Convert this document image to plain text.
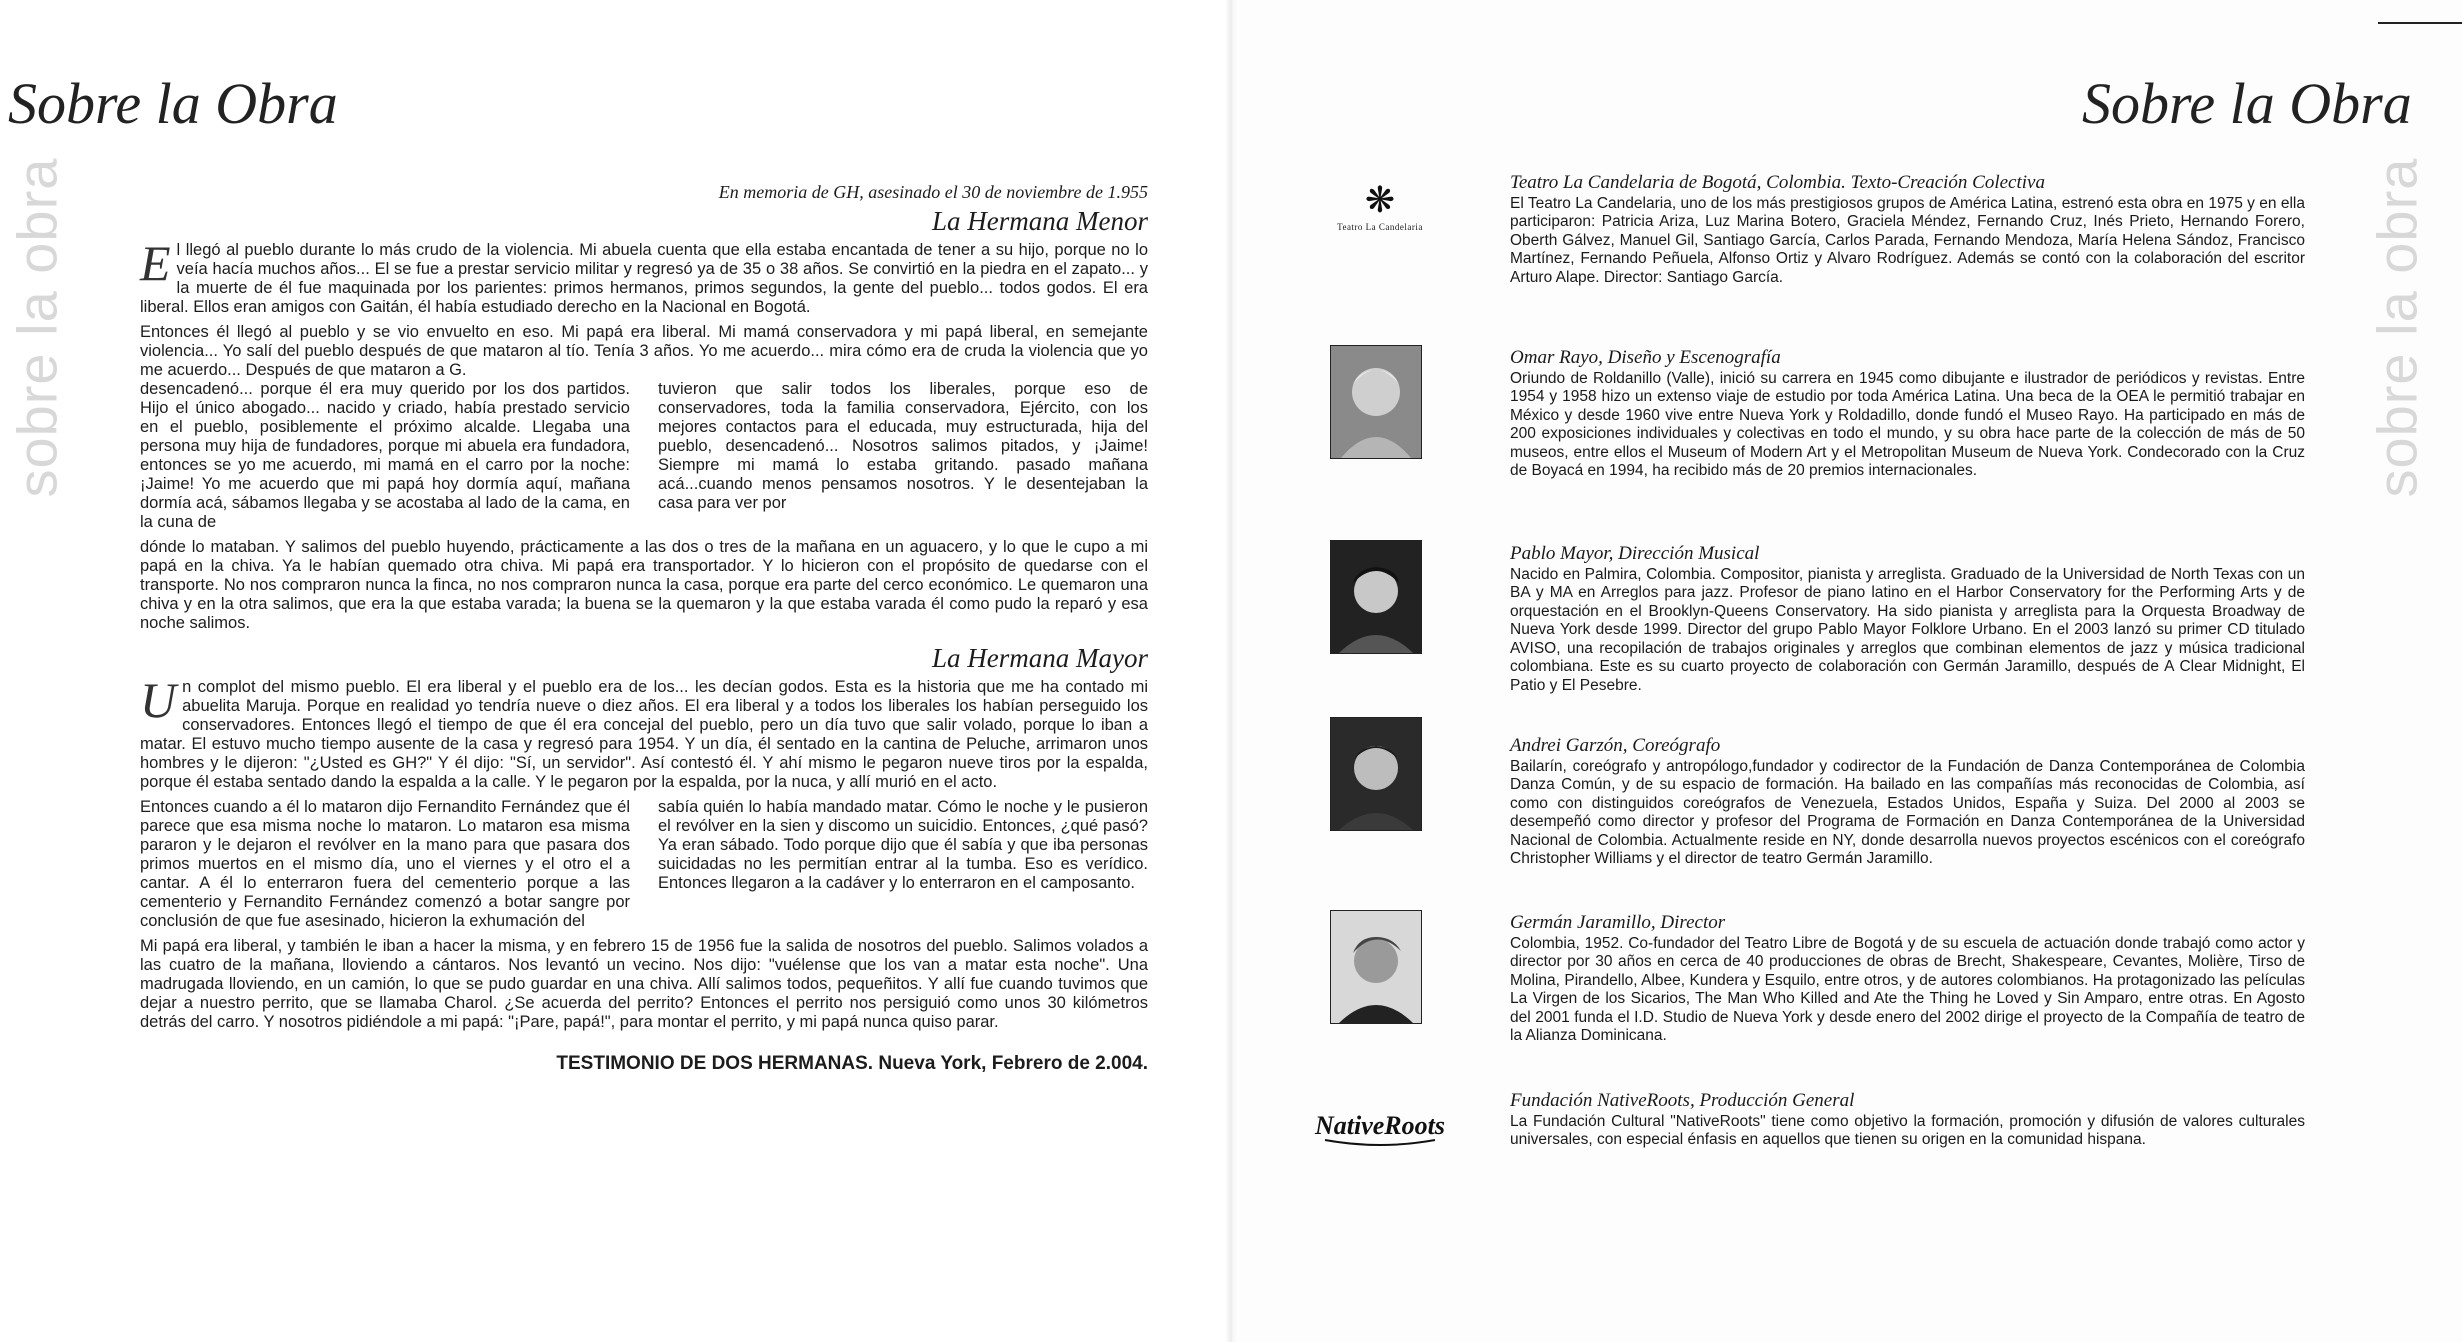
Sobre la Obra
sobre la obra	En memoria de GH, asesinado el 30 de noviembre de 1.955
La Hermana Menor

El llegó al pueblo durante lo más crudo de la violencia. Mi abuela cuenta que ella estaba encantada de tener a su hijo, porque no lo veía hacía muchos años... El se fue a prestar servicio militar y regresó ya de 35 o 38 años. Se convirtió en la piedra en el zapato... y la muerte de él fue maquinada por los parientes: primos hermanos, primos segundos, la gente del pueblo... todos godos. El era liberal. Ellos eran amigos con Gaitán, él había estudiado derecho en la Nacional en Bogotá.

Entonces él llegó al pueblo y se vio envuelto en eso. Mi papá era liberal. Mi mamá conservadora y mi papá liberal, en semejante violencia... Yo salí del pueblo después de que mataron al tío. Tenía 3 años. Yo me acuerdo... mira cómo era de cruda la violencia que yo me acuerdo... Después de que mataron a G.

desencadenó... porque él era muy querido por los dos partidos. Hijo el único abogado... nacido y criado, había prestado servicio en el pueblo, posiblemente el próximo alcalde. Llegaba una persona muy hija de fundadores, porque mi abuela era fundadora, entonces se yo me acuerdo, mi mamá en el carro por la noche: ¡Jaime! Yo me acuerdo que mi papá hoy dormía aquí, mañana dormía acá, sábamos llegaba y se acostaba al lado de la cama, en la cuna de
tuvieron que salir todos los liberales, porque eso de conservadores, toda la familia conservadora, Ejército, con los mejores contactos para el educada, muy estructurada, hija del pueblo, desencadenó... Nosotros salimos pitados, y ¡Jaime! Siempre mi mamá lo estaba gritando. pasado mañana acá...cuando menos pensamos nosotros. Y le desentejaban la casa para ver por

dónde lo mataban. Y salimos del pueblo huyendo, prácticamente a las dos o tres de la mañana en un aguacero, y lo que le cupo a mi papá en la chiva. Ya le habían quemado otra chiva. Mi papá era transportador. Y lo hicieron con el propósito de quedarse con el transporte. No nos compraron nunca la finca, no nos compraron nunca la casa, porque era parte del cerco económico. Le quemaron una chiva y en la otra salimos, que era la que estaba varada; la buena se la quemaron y la que estaba varada él como pudo la reparó y esa noche salimos.

La Hermana Mayor

Un complot del mismo pueblo. El era liberal y el pueblo era de los... les decían godos. Esta es la historia que me ha contado mi abuelita Maruja. Porque en realidad yo tendría nueve o diez años. El era liberal y a todos los liberales los habían perseguido los conservadores. Entonces llegó el tiempo de que él era concejal del pueblo, pero un día tuvo que salir volado, porque lo iban a matar. El estuvo mucho tiempo ausente de la casa y regresó para 1954. Y un día, él sentado en la cantina de Peluche, arrimaron unos hombres y le dijeron: "¿Usted es GH?" Y él dijo: "Sí, un servidor". Así contestó él. Y ahí mismo le pegaron nueve tiros por la espalda, porque él estaba sentado dando la espalda a la calle. Y le pegaron por la espalda, por la nuca, y allí murió en el acto.

Entonces cuando a él lo mataron dijo Fernandito Fernández que él parece que esa misma noche lo mataron. Lo mataron esa misma pararon y le dejaron el revólver en la mano para que pasara dos primos muertos en el mismo día, uno el viernes y el otro el a cantar. A él lo enterraron fuera del cementerio porque a las cementerio y Fernandito Fernández comenzó a botar sangre por conclusión de que fue asesinado, hicieron la exhumación del
sabía quién lo había mandado matar. Cómo le noche y le pusieron el revólver en la sien y discomo un suicidio. Entonces, ¿qué pasó? Ya eran sábado. Todo porque dijo que él sabía y que iba personas suicidadas no les permitían entrar al la tumba. Eso es verídico. Entonces llegaron a la cadáver y lo enterraron en el camposanto.

Mi papá era liberal, y también le iban a hacer la misma, y en febrero 15 de 1956 fue la salida de nosotros del pueblo. Salimos volados a las cuatro de la mañana, lloviendo a cántaros. Nos levantó un vecino. Nos dijo: "vuélense que los van a matar esta noche". Una madrugada lloviendo, en un camión, lo que se pudo guardar en una chiva. Allí salimos todos, pequeñitos. Y allí fue cuando tuvimos que dejar a nuestro perrito, que se llamaba Charol. ¿Se acuerda del perrito? Entonces el perrito nos persiguió como unos 30 kilómetros detrás del carro. Y nosotros pidiéndole a mi papá: "¡Pare, papá!", para montar el perrito, y mi papá nunca quiso parar.

TESTIMONIO DE DOS HERMANAS. Nueva York, Febrero de 2.004.
Sobre la Obra
sobre la obra
❋
Teatro La Candelaria
NativeRoots
Teatro La Candelaria de Bogotá, Colombia. Texto-Creación Colectiva

El Teatro La Candelaria, uno de los más prestigiosos grupos de América Latina, estrenó esta obra en 1975 y en ella participaron: Patricia Ariza, Luz Marina Botero, Graciela Méndez, Fernando Cruz, Inés Prieto, Hernando Forero, Oberth Gálvez, Manuel Gil, Santiago García, Carlos Parada, Fernando Mendoza, María Helena Sándoz, Francisco Martínez, Fernando Peñuela, Alfonso Ortiz y Alvaro Rodríguez. Además se contó con la colaboración del escritor Arturo Alape. Director: Santiago García.

Omar Rayo, Diseño y Escenografía

Oriundo de Roldanillo (Valle), inició su carrera en 1945 como dibujante e ilustrador de periódicos y revistas. Entre 1954 y 1958 hizo un extenso viaje de estudio por toda América Latina. Una beca de la OEA le permitió trabajar en México y desde 1960 vive entre Nueva York y Roldadillo, donde fundó el Museo Rayo. Ha participado en más de 200 exposiciones individuales y colectivas en todo el mundo, y su obra hace parte de la colección de más de 50 museos, entre ellos el Museum of Modern Art y el Metropolitan Museum de Nueva York. Condecorado con la Cruz de Boyacá en 1994, ha recibido más de 20 premios internacionales.

Pablo Mayor, Dirección Musical

Nacido en Palmira, Colombia. Compositor, pianista y arreglista. Graduado de la Universidad de North Texas con un BA y MA en Arreglos para jazz. Profesor de piano latino en el Harbor Conservatory for the Performing Arts y de orquestación en el Brooklyn-Queens Conservatory. Ha sido pianista y arreglista para la Orquesta Broadway de Nueva York desde 1999. Director del grupo Pablo Mayor Folklore Urbano. En el 2003 lanzó su primer CD titulado AVISO, una recopilación de trabajos originales y arreglos que combinan elementos de jazz y música tradicional colombiana. Este es su cuarto proyecto de colaboración con Germán Jaramillo, después de A Clear Midnight, El Patio y El Pesebre.

Andrei Garzón, Coreógrafo

Bailarín, coreógrafo y antropólogo,fundador y codirector de la Fundación de Danza Contemporánea de Colombia Danza Común, y de su espacio de formación. Ha bailado en las compañías más reconocidas de Colombia, así como con distinguidos coreógrafos de Venezuela, Estados Unidos, España y Suiza. Del 2000 al 2003 se desempeñó como director y profesor del Programa de Formación en Danza Contemporánea de la Universidad Nacional de Colombia. Actualmente reside en NY, donde desarrolla nuevos proyectos escénicos con el coreógrafo Christopher Williams y el director de teatro Germán Jaramillo.

Germán Jaramillo, Director

Colombia, 1952. Co-fundador del Teatro Libre de Bogotá y de su escuela de actuación donde trabajó como actor y director por 30 años en cerca de 40 producciones de obras de Brecht, Shakespeare, Cevantes, Molière, Tirso de Molina, Pirandello, Albee, Kundera y Esquilo, entre otros, y de autores colombianos. Ha protagonizado las películas La Virgen de los Sicarios, The Man Who Killed and Ate the Thing he Loved y Sin Amparo, entre otras. En Agosto del 2001 funda el I.D. Studio de Nueva York y desde enero del 2002 dirige el proyecto de la Compañía de teatro de la Alianza Dominicana.

Fundación NativeRoots, Producción General

La Fundación Cultural "NativeRoots" tiene como objetivo la formación, promoción y difusión de valores culturales universales, con especial énfasis en aquellos que tienen su origen en la comunidad hispana.
